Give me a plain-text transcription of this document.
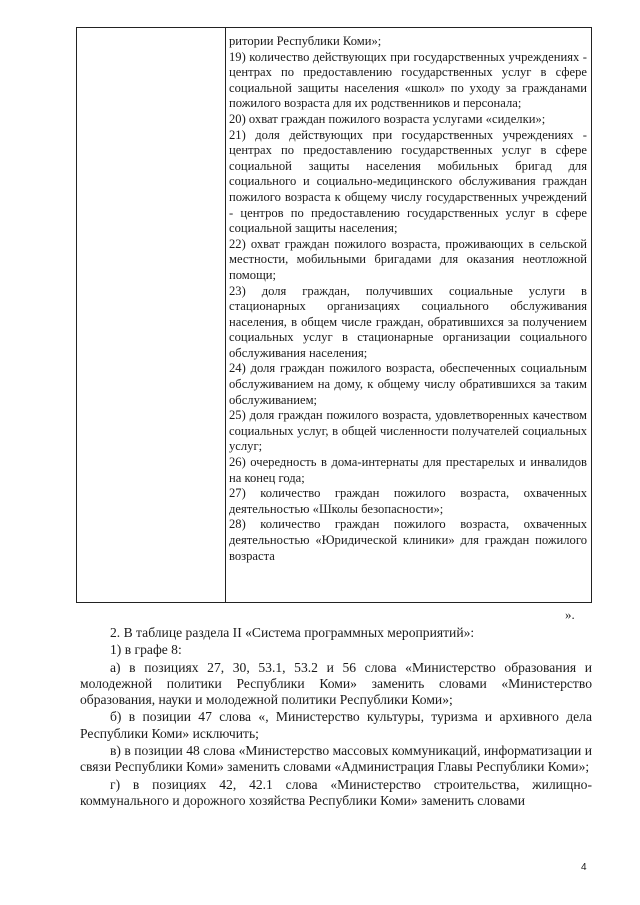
ритории Республики Коми»;

19) количество действующих при государственных учреждениях - центрах по предоставлению государственных услуг в сфере социальной защиты населения «школ» по уходу за гражданами пожилого возраста для их родственников и персонала;

20) охват граждан пожилого возраста услугами «сиделки»;

21) доля действующих при государственных учреждениях - центрах по предоставлению государственных услуг в сфере социальной защиты населения мобильных бригад для социального и социально-медицинского обслуживания граждан пожилого возраста к общему числу государственных учреждений - центров по предоставлению государственных услуг в сфере социальной защиты населения;

22) охват граждан пожилого возраста, проживающих в сельской местности, мобильными бригадами для оказания неотложной помощи;

23) доля граждан, получивших социальные услуги в стационарных организациях социального обслуживания населения, в общем числе граждан, обратившихся за получением социальных услуг в стационарные организации социального обслуживания населения;

24) доля граждан пожилого возраста, обеспеченных социальным обслуживанием на дому, к общему числу обратившихся за таким обслуживанием;

25) доля граждан пожилого возраста, удовлетворенных качеством социальных услуг, в общей численности получателей социальных услуг;

26) очередность в дома-интернаты для престарелых и инвалидов на конец года;

27) количество граждан пожилого возраста, охваченных деятельностью «Школы безопасности»;

28) количество граждан пожилого возраста, охваченных деятельностью «Юридической клиники» для граждан пожилого возраста

».

2. В таблице раздела II «Система программных мероприятий»:

1) в графе 8:

а) в позициях 27, 30, 53.1, 53.2 и 56 слова «Министерство образования и молодежной политики Республики Коми» заменить словами «Министерство образования, науки и молодежной политики Республики Коми»;

б) в позиции 47 слова «, Министерство культуры, туризма и архивного дела Республики Коми» исключить;

в) в позиции 48 слова «Министерство массовых коммуникаций, информатизации и связи Республики Коми» заменить словами «Администрация Главы Республики Коми»;

г) в позициях 42, 42.1 слова «Министерство строительства, жилищно-коммунального и дорожного хозяйства Республики Коми» заменить словами

4
